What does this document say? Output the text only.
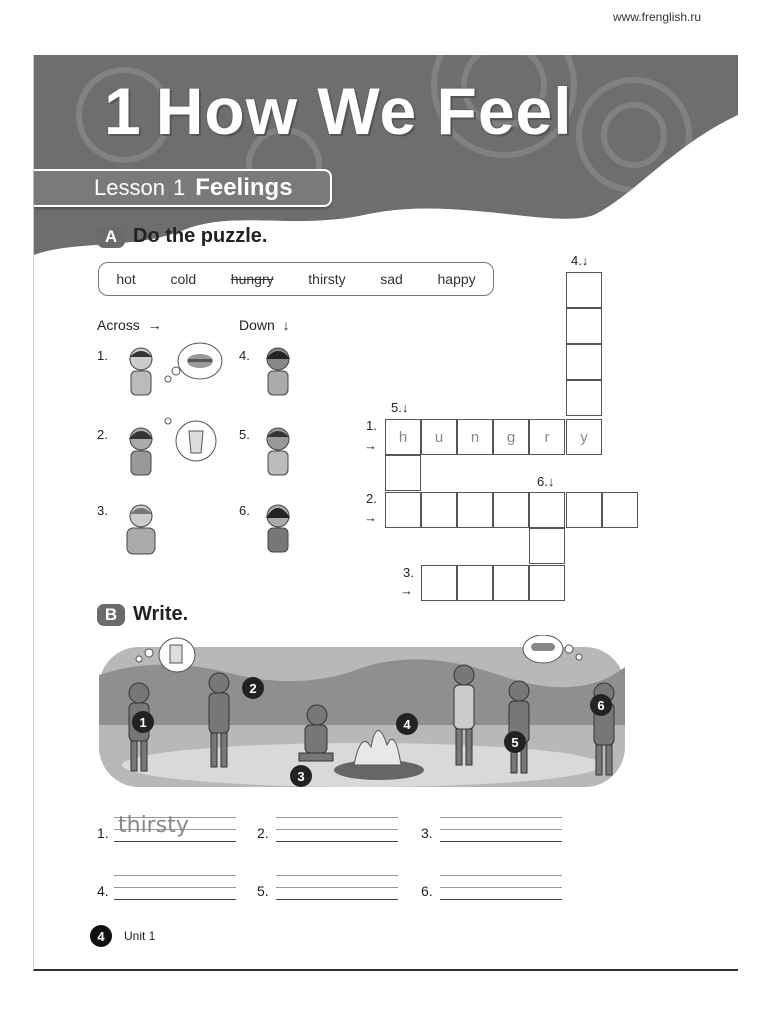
www.frenglish.ru
1 How We Feel
Lesson 1 Feelings
A Do the puzzle.
hot cold hungry thirsty sad happy
Across  →	Down  ↓
1.
2.
3.
4.
5.
6.
4.↓
5.↓
1.
→
6.↓
2.
→
3.
→
h	u	n	g	r	y
B Write.
1
2
3
4
5
6
1. thirsty	2.	3.
4.	5.	6.
4	Unit 1
